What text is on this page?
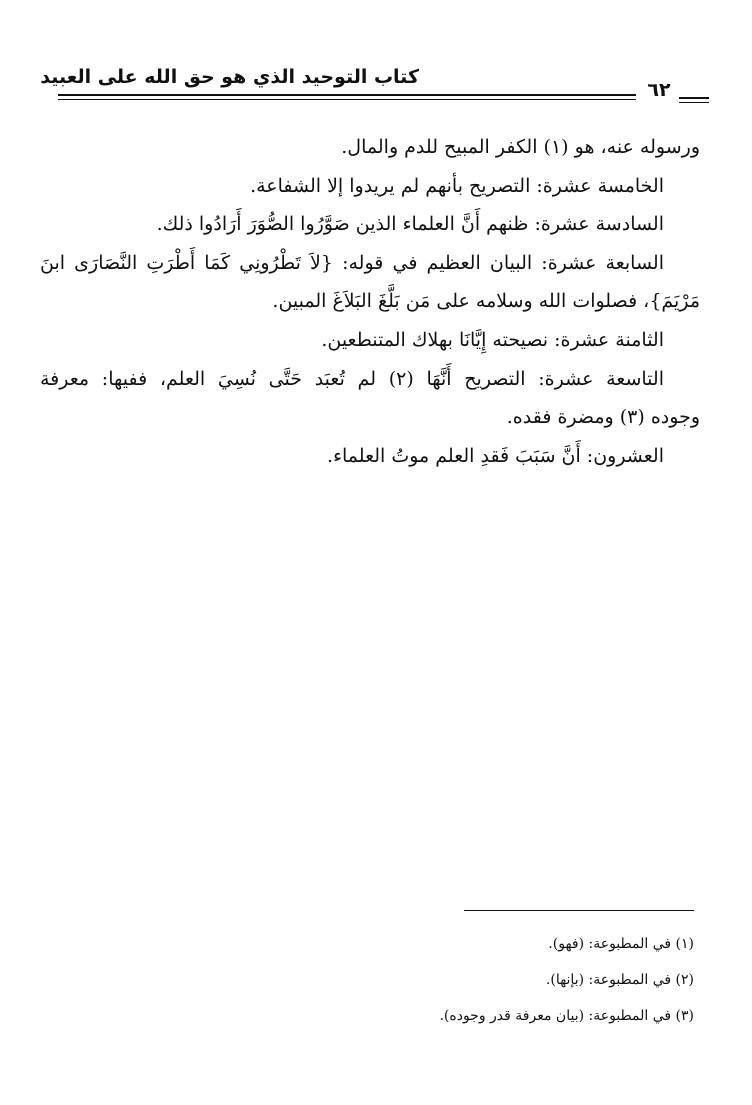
كتاب التوحيد الذي هو حق الله على العبيد
٦٢
ورسوله عنه، هو (١) الكفر المبيح للدم والمال.
الخامسة عشرة: التصريح بأنهم لم يريدوا إلا الشفاعة.
السادسة عشرة: ظنهم أَنَّ العلماء الذين صَوَّرُوا الصُّوَرَ أَرَادُوا ذلك.
السابعة عشرة: البيان العظيم في قوله: {لاَ تَطْرُونِي كَمَا أَطْرَتِ النَّصَارَى ابنَ
مَرْيَمَ}، فصلوات الله وسلامه على مَن بَلَّغَ البَلاَغَ المبين.
الثامنة عشرة: نصيحته إِيَّانَا بهلاك المتنطعين.
التاسعة عشرة: التصريح أَنَّهَا (٢) لم تُعبَد حَتَّى نُسِيَ العلم، ففيها: معرفة
وجوده (٣) ومضرة فقده.
العشرون: أَنَّ سَبَبَ فَقدِ العلم موتُ العلماء.
(١) في المطبوعة: (فهو).
(٢) في المطبوعة: (بإنها).
(٣) في المطبوعة: (بيان معرفة قدر وجوده).
